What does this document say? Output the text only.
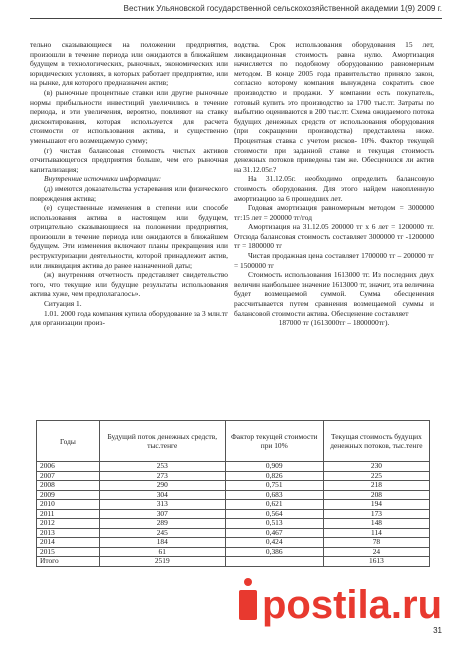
Вестник Ульяновской государственной сельскохозяйственной академии 1(9) 2009 г.

тельно сказывающиеся на положении предприятия, произошли в течение периода или ожидаются в ближайшем будущем в технологических, рыночных, экономических или юридических условиях, в которых работает предприятие, или на рынке, для которого предназначен актив;

(в) рыночные процентные ставки или другие рыночные нормы прибыльности инвестиций увеличились в течение периода, и эти увеличения, вероятно, повлияют на ставку дисконтирования, которая используется для расчета стоимости от использования актива, и существенно уменьшают его возмещаемую сумму;

(г) чистая балансовая стоимость чистых активов отчитывающегося предприятия больше, чем его рыночная капитализация;

Внутренние источники информации:

(д) имеются доказательства устаревания или физического повреждения актива;

(е) существенные изменения в степени или способе использования актива в настоящем или будущем, отрицательно сказывающиеся на положении предприятия, произошли в течение периода или ожидаются в ближайшем будущем. Эти изменения включают планы прекращения или реструктуризации деятельности, которой принадлежит актив, или ликвидация актива до ранее назначенной даты;

(ж) внутренняя отчетность представляет свидетельство того, что текущие или будущие результаты использования актива хуже, чем предполагалось».

Ситуация 1.

1.01. 2000 года компания купила оборудование за 3 млн.тг для организации произ-

водства. Срок использования оборудования 15 лет, ликвидационная стоимость равна нулю. Амортизация начисляется по подобному оборудованию равномерным методом. В конце 2005 года правительство приняло закон, согласно которому компания вынуждена сократить свое производство и продажи. У компании есть покупатель, готовый купить это производство за 1700 тыс.тг. Затраты по выбытию оцениваются в 200 тыс.тг. Схема ожидаемого потока будущих денежных средств от использования оборудования (при сокращении производства) представлена ниже. Процентная ставка с учетом рисков- 10%. Фактор текущей стоимости при заданной ставке и текущая стоимость денежных потоков приведены там же. Обесценился ли актив на 31.12.05г.?

На 31.12.05г. необходимо определить балансовую стоимость оборудования. Для этого найдем накопленную амортизацию за 6 прошедших лет.

Годовая амортизация равномерным методом = 3000000 тг:15 лет = 200000 тг/год

Амортизация на 31.12.05 200000 тг х 6 лет = 1200000 тг. Отсюда балансовая стоимость составляет 3000000 тг -1200000 тг = 1800000 тг

Чистая продажная цена составляет 1700000 тг – 200000 тг = 1500000 тг

Стоимость использования 1613000 тг. Из последних двух величин наибольшее значение 1613000 тг, значит, эта величина будет возмещаемой суммой. Сумма обесценения рассчитывается путем сравнения возмещаемой суммы и балансовой стоимости актива. Обесценение составляет

187000 тг (1613000тг – 1800000тг).

Годы	Будущий поток денежных средств, тыс.тенге	Фактор текущей стоимости при 10%	Текущая стоимость будущих денежных потоков, тыс.тенге
2006	253	0,909	230
2007	273	0,826	225
2008	290	0,751	218
2009	304	0,683	208
2010	313	0,621	194
2011	307	0,564	173
2012	289	0,513	148
2013	245	0,467	114
2014	184	0,424	78
2015	61	0,386	24
Итого	2519		1613
postila.ru
31
